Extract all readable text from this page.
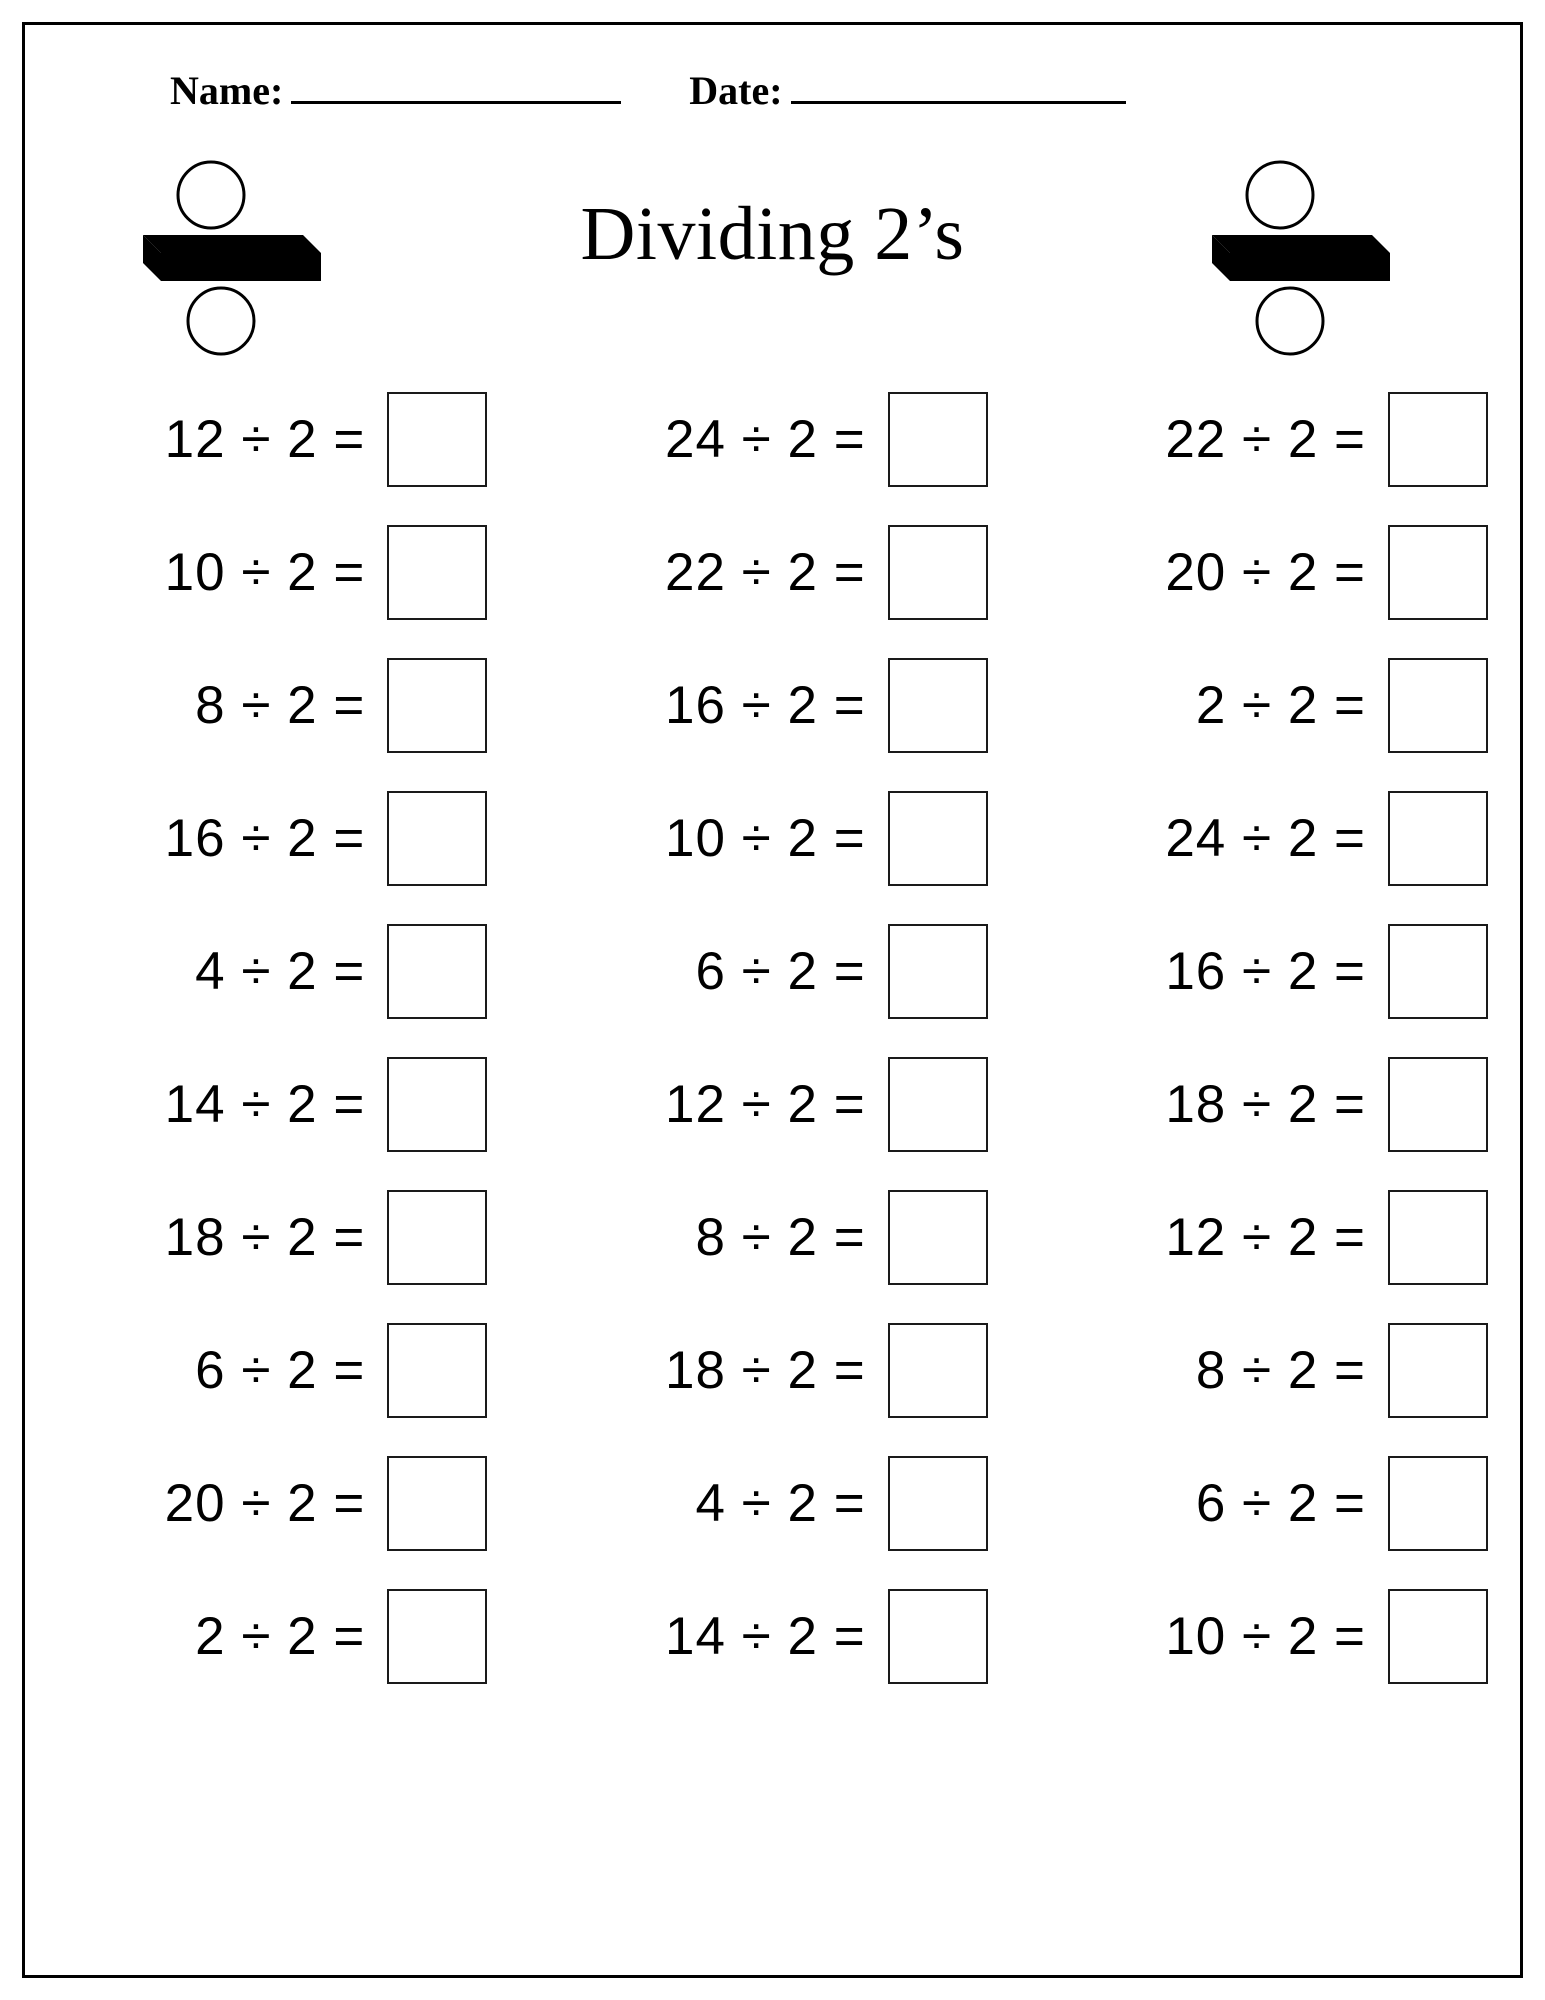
Name:	Date:
Dividing 2’s
12 ÷ 2 =
10 ÷ 2 =
8 ÷ 2 =
16 ÷ 2 =
4 ÷ 2 =
14 ÷ 2 =
18 ÷ 2 =
6 ÷ 2 =
20 ÷ 2 =
2 ÷ 2 =
24 ÷ 2 =
22 ÷ 2 =
16 ÷ 2 =
10 ÷ 2 =
6 ÷ 2 =
12 ÷ 2 =
8 ÷ 2 =
18 ÷ 2 =
4 ÷ 2 =
14 ÷ 2 =
22 ÷ 2 =
20 ÷ 2 =
2 ÷ 2 =
24 ÷ 2 =
16 ÷ 2 =
18 ÷ 2 =
12 ÷ 2 =
8 ÷ 2 =
6 ÷ 2 =
10 ÷ 2 =
